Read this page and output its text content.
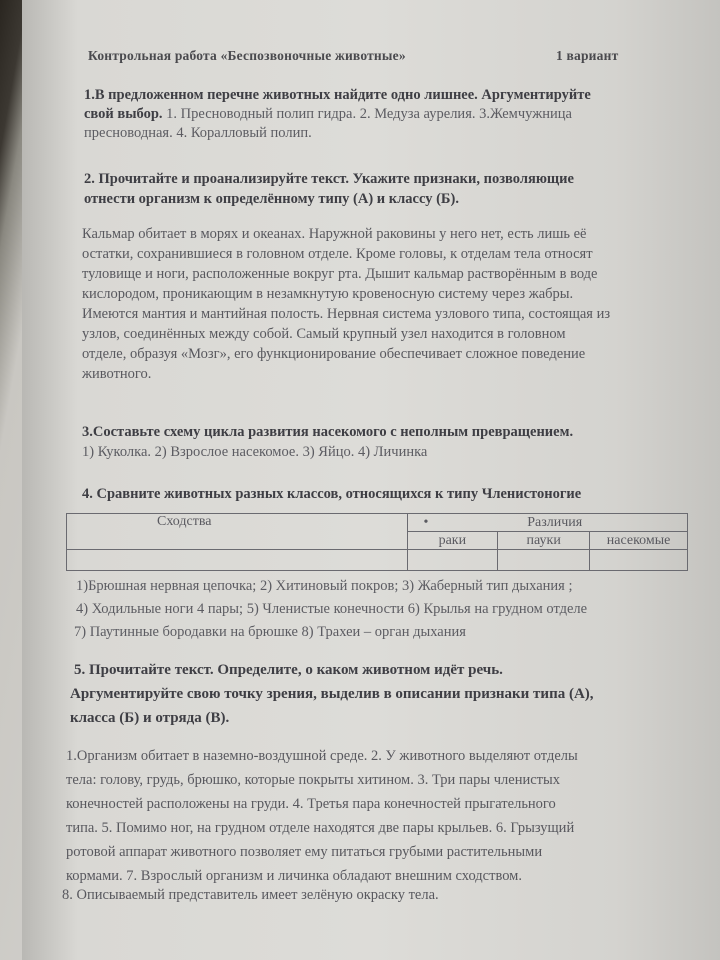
Контрольная работа «Беспозвоночные животные»	1 вариант
1.В предложенном перечне животных найдите одно лишнее. Аргументируйте
свой выбор. 1. Пресноводный полип гидра. 2. Медуза аурелия. 3.Жемчужница
пресноводная. 4. Коралловый полип.
2. Прочитайте и проанализируйте текст. Укажите признаки, позволяющие
отнести организм к определённому типу (А) и классу (Б).
Кальмар обитает в морях и океанах. Наружной раковины у него нет, есть лишь её
остатки, сохранившиеся в головном отделе. Кроме головы, к отделам тела относят
туловище и ноги, расположенные вокруг рта. Дышит кальмар растворённым в воде
кислородом, проникающим в незамкнутую кровеносную систему через жабры.
Имеются мантия и мантийная полость. Нервная система узлового типа, состоящая из
узлов, соединённых между собой. Самый крупный узел находится в головном
отделе, образуя «Мозг», его функционирование обеспечивает сложное поведение
животного.
3.Составьте схему цикла развития насекомого с неполным превращением.
1) Куколка. 2) Взрослое насекомое. 3) Яйцо. 4) Личинка
4. Сравните животных разных классов, относящихся к типу Членистоногие
Сходства	• Различия		
	раки	пауки	насекомые

1)Брюшная нервная цепочка; 2) Хитиновый покров; 3) Жаберный тип дыхания ;
4) Ходильные ноги 4 пары; 5) Членистые конечности 6) Крылья на грудном отделе
7) Паутинные бородавки на брюшке 8) Трахеи – орган дыхания
5. Прочитайте текст. Определите, о каком животном идёт речь.
Аргументируйте свою точку зрения, выделив в описании признаки типа (А),
класса (Б) и отряда (В).
1.Организм обитает в наземно-воздушной среде. 2. У животного выделяют отделы
тела: голову, грудь, брюшко, которые покрыты хитином. 3. Три пары членистых
конечностей расположены на груди. 4. Третья пара конечностей прыгательного
типа. 5. Помимо ног, на грудном отделе находятся две пары крыльев. 6. Грызущий
ротовой аппарат животного позволяет ему питаться грубыми растительными
кормами. 7. Взрослый организм и личинка обладают внешним сходством.
8. Описываемый представитель имеет зелёную окраску тела.
